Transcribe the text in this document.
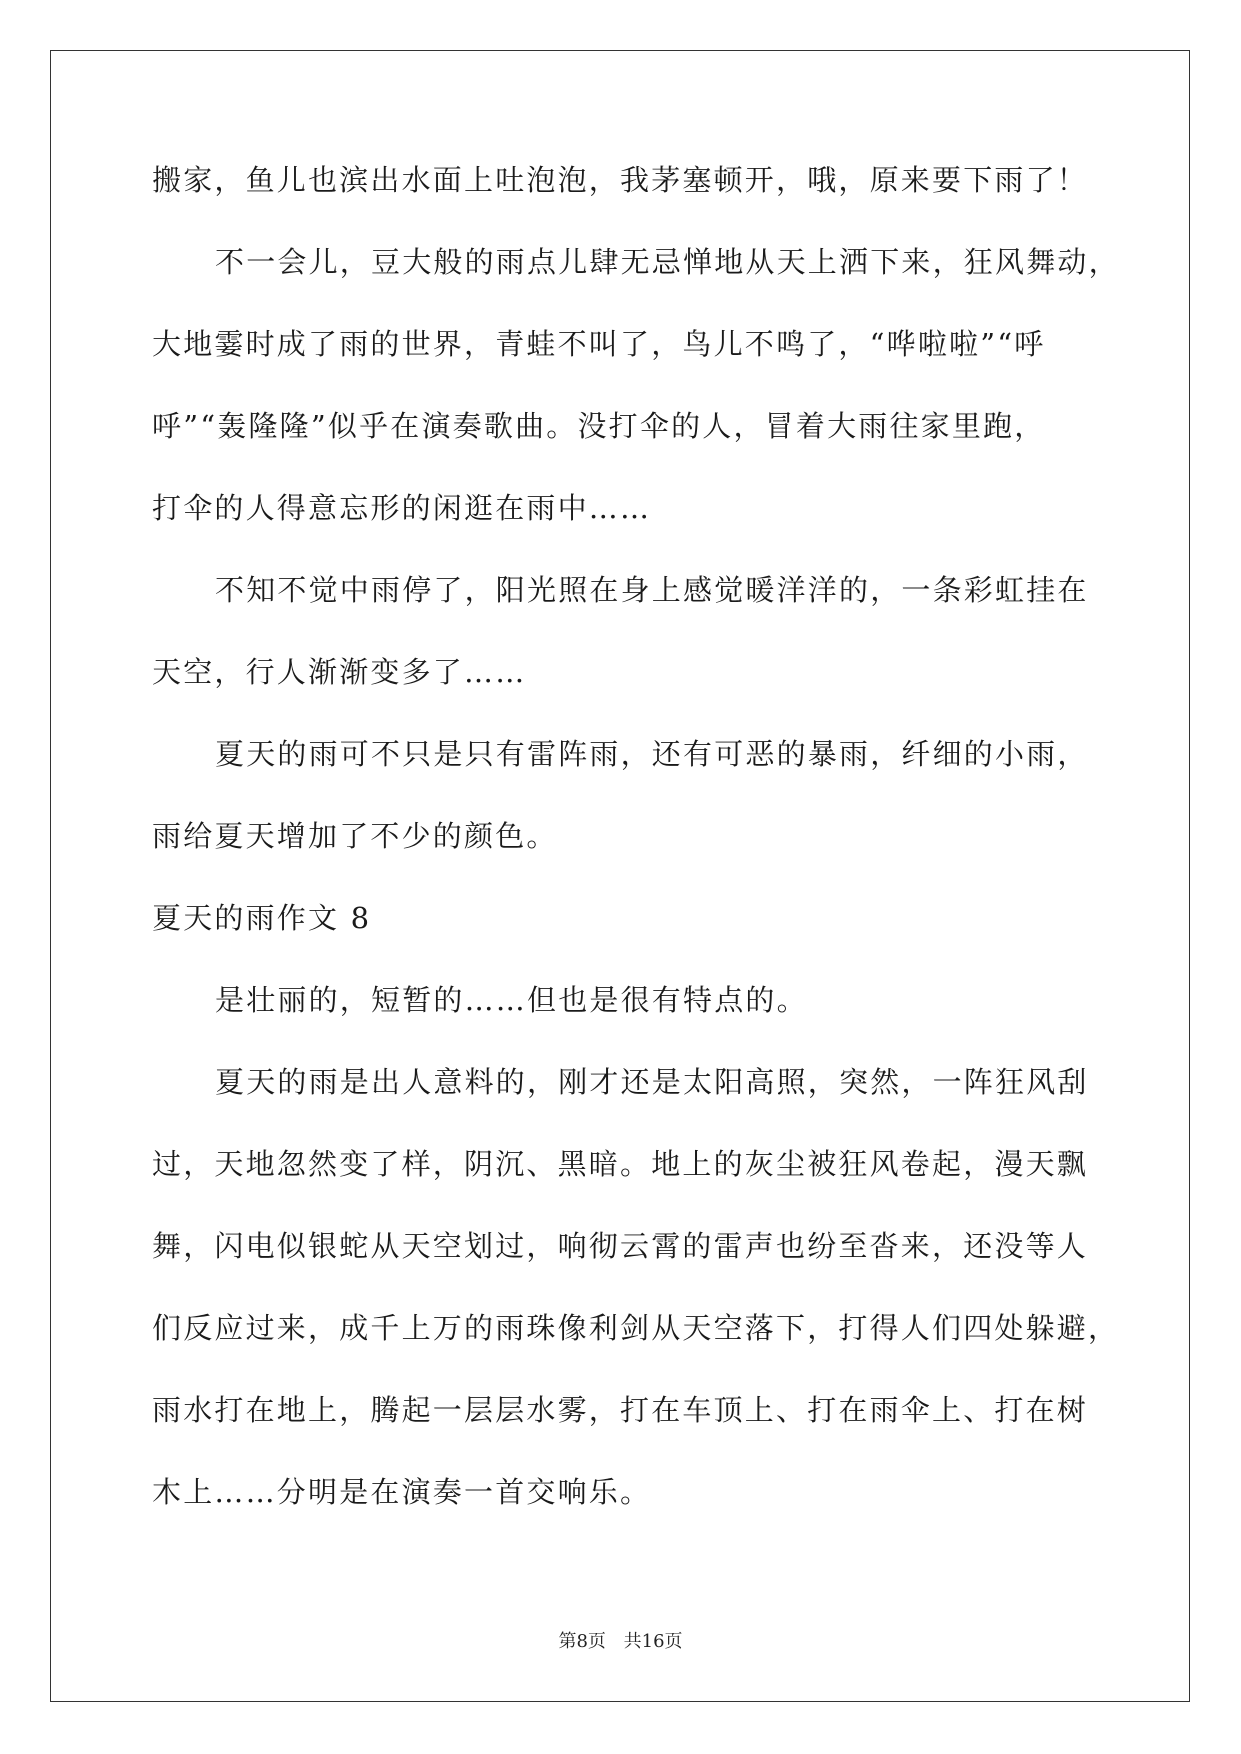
搬家，鱼儿也滨出水面上吐泡泡，我茅塞顿开，哦，原来要下雨了！
不一会儿，豆大般的雨点儿肆无忌惮地从天上洒下来，狂风舞动，
大地霎时成了雨的世界，青蛙不叫了，鸟儿不鸣了，“哗啦啦”“呼
呼”“轰隆隆”似乎在演奏歌曲。没打伞的人，冒着大雨往家里跑，
打伞的人得意忘形的闲逛在雨中……
不知不觉中雨停了，阳光照在身上感觉暖洋洋的，一条彩虹挂在
天空，行人渐渐变多了……
夏天的雨可不只是只有雷阵雨，还有可恶的暴雨，纤细的小雨，
雨给夏天增加了不少的颜色。
夏天的雨作文 8
是壮丽的，短暂的……但也是很有特点的。
夏天的雨是出人意料的，刚才还是太阳高照，突然，一阵狂风刮
过，天地忽然变了样，阴沉、黑暗。地上的灰尘被狂风卷起，漫天飘
舞，闪电似银蛇从天空划过，响彻云霄的雷声也纷至沓来，还没等人
们反应过来，成千上万的雨珠像利剑从天空落下，打得人们四处躲避，
雨水打在地上，腾起一层层水雾，打在车顶上、打在雨伞上、打在树
木上……分明是在演奏一首交响乐。
第8页 共16页
